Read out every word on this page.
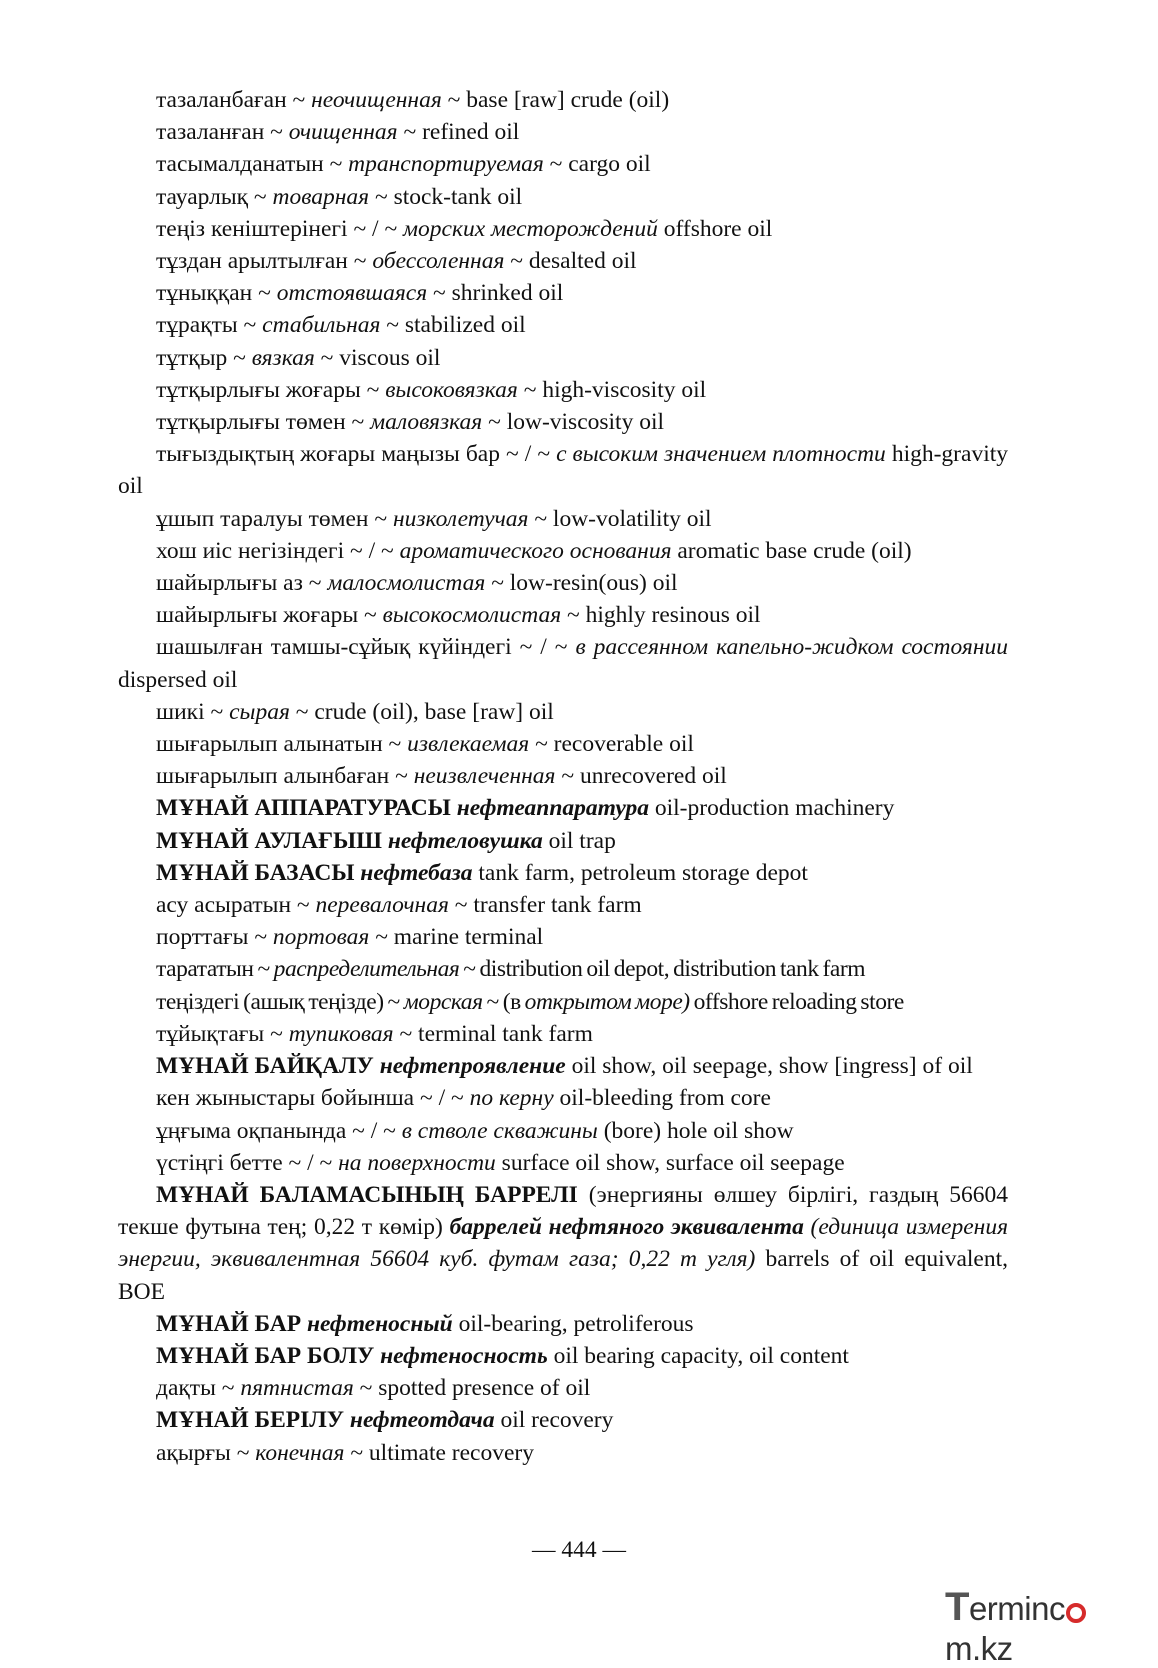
тазаланбаған ~ неочищенная ~ base [raw] crude (oil)

тазаланған ~ очищенная ~ refined oil

тасымалданатын ~ транспортируемая ~ cargo oil

тауарлық ~ товарная ~ stock-tank oil

теңіз кеніштерінегі ~ / ~ морских месторождений offshore oil

тұздан арылтылған ~ обессоленная ~ desalted oil

тұныққан ~ отстоявшаяся ~ shrinked oil

тұрақты ~ стабильная ~ stabilized oil

тұтқыр ~ вязкая ~ viscous oil

тұтқырлығы жоғары ~ высоковязкая ~ high-viscosity oil

тұтқырлығы төмен ~ маловязкая ~ low-viscosity oil

тығыздықтың жоғары маңызы бар ~ / ~ с высоким значением плотности high-gravity oil

ұшып таралуы төмен ~ низколетучая ~ low-volatility oil

хош иіс негізіндегі ~ / ~ ароматического основания aromatic base crude (oil)

шайырлығы аз ~ малосмолистая ~ low-resin(ous) oil

шайырлығы жоғары ~ высокосмолистая ~ highly resinous oil

шашылған тамшы-сұйық күйіндегі ~ / ~ в рассеянном капельно-жидком состоянии dispersed oil

шикі ~ сырая ~ crude (oil), base [raw] oil

шығарылып алынатын ~ извлекаемая ~ recoverable oil

шығарылып алынбаған ~ неизвлеченная ~ unrecovered oil

МҰНАЙ АППАРАТУРАСЫ нефтеаппаратура oil-production machinery

МҰНАЙ АУЛАҒЫШ нефтеловушка oil trap

МҰНАЙ БАЗАСЫ нефтебаза tank farm, petroleum storage depot

асу асыратын ~ перевалочная ~ transfer tank farm

порттағы ~ портовая ~ marine terminal

тарататын ~ распределительная ~ distribution oil depot, distribution tank farm

теңіздегі (ашық теңізде) ~ морская ~ (в открытом море) offshore reloading store

тұйықтағы ~ тупиковая ~ terminal tank farm

МҰНАЙ БАЙҚАЛУ нефтепроявление oil show, oil seepage, show [ingress] of oil

кен жыныстары бойынша ~ / ~ по керну oil-bleeding from core

ұңғыма оқпанында ~ / ~ в стволе скважины (bore) hole oil show

үстіңгі бетте ~ / ~ на поверхности surface oil show, surface oil seepage

МҰНАЙ БАЛАМАСЫНЫҢ БАРРЕЛІ (энергияны өлшеу бірлігі, газдың 56604 текше футына тең; 0,22 т көмір) баррелей нефтяного эквивалента (единица измерения энергии, эквивалентная 56604 куб. футам газа; 0,22 т угля) barrels of oil equivalent, BOE

МҰНАЙ БАР нефтеносный oil-bearing, petroliferous

МҰНАЙ БАР БОЛУ нефтеносность oil bearing capacity, oil content

дақты ~ пятнистая ~ spotted presence of oil

МҰНАЙ БЕРІЛУ нефтеотдача oil recovery

ақырғы ~ конечная ~ ultimate recovery

— 444 —
Termincm.kz
